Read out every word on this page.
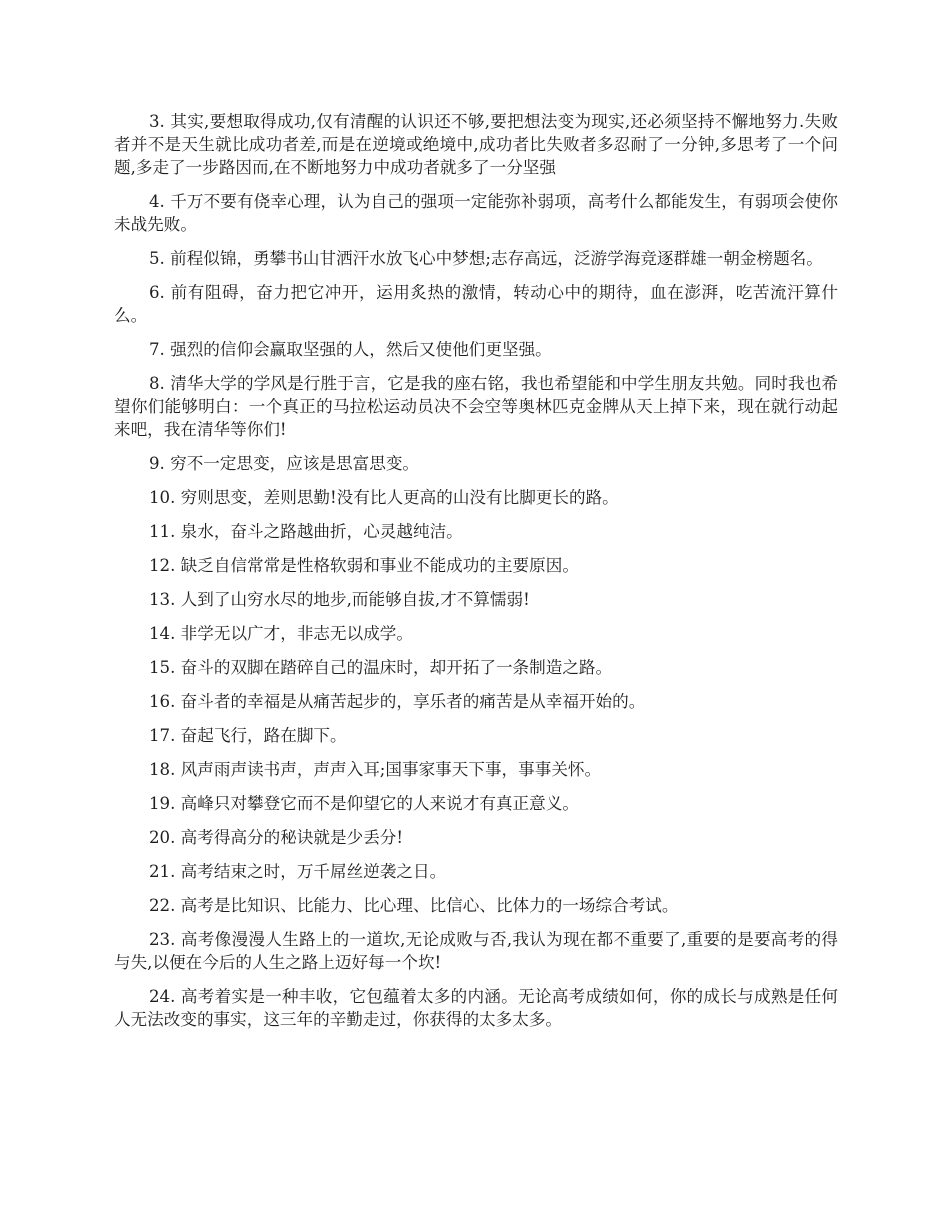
3. 其实,要想取得成功,仅有清醒的认识还不够,要把想法变为现实,还必须坚持不懈地努力.失败者并不是天生就比成功者差,而是在逆境或绝境中,成功者比失败者多忍耐了一分钟,多思考了一个问题,多走了一步路因而,在不断地努力中成功者就多了一分坚强

4. 千万不要有侥幸心理，认为自己的强项一定能弥补弱项，高考什么都能发生，有弱项会使你未战先败。

5. 前程似锦，勇攀书山甘洒汗水放飞心中梦想;志存高远，泛游学海竞逐群雄一朝金榜题名。

6. 前有阻碍，奋力把它冲开，运用炙热的激情，转动心中的期待，血在澎湃，吃苦流汗算什么。

7. 强烈的信仰会赢取坚强的人，然后又使他们更坚强。

8. 清华大学的学风是行胜于言，它是我的座右铭，我也希望能和中学生朋友共勉。同时我也希望你们能够明白：一个真正的马拉松运动员决不会空等奥林匹克金牌从天上掉下来，现在就行动起来吧，我在清华等你们!

9. 穷不一定思变，应该是思富思变。

10. 穷则思变，差则思勤!没有比人更高的山没有比脚更长的路。

11. 泉水，奋斗之路越曲折，心灵越纯洁。

12. 缺乏自信常常是性格软弱和事业不能成功的主要原因。

13. 人到了山穷水尽的地步,而能够自拔,才不算懦弱!

14. 非学无以广才，非志无以成学。

15. 奋斗的双脚在踏碎自己的温床时，却开拓了一条制造之路。

16. 奋斗者的幸福是从痛苦起步的，享乐者的痛苦是从幸福开始的。

17. 奋起飞行，路在脚下。

18. 风声雨声读书声，声声入耳;国事家事天下事，事事关怀。

19. 高峰只对攀登它而不是仰望它的人来说才有真正意义。

20. 高考得高分的秘诀就是少丢分!

21. 高考结束之时，万千屌丝逆袭之日。

22. 高考是比知识、比能力、比心理、比信心、比体力的一场综合考试。

23. 高考像漫漫人生路上的一道坎,无论成败与否,我认为现在都不重要了,重要的是要高考的得与失,以便在今后的人生之路上迈好每一个坎!

24. 高考着实是一种丰收，它包蕴着太多的内涵。无论高考成绩如何，你的成长与成熟是任何人无法改变的事实，这三年的辛勤走过，你获得的太多太多。
